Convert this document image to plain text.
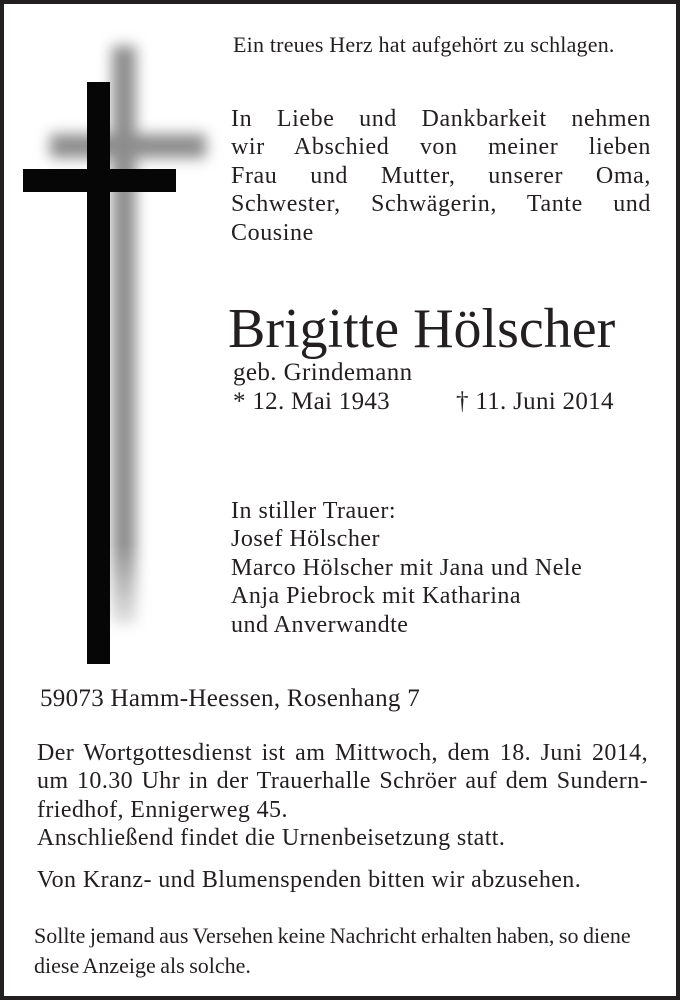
Ein treues Herz hat aufgehört zu schlagen.
In Liebe und Dankbarkeit nehmen
wir Abschied von meiner lieben
Frau und Mutter, unserer Oma,
Schwester, Schwägerin, Tante und
Cousine
Brigitte Hölscher
geb. Grindemann
* 12. Mai 1943	† 11. Juni 2014
In stiller Trauer:
Josef Hölscher
Marco Hölscher mit Jana und Nele
Anja Piebrock mit Katharina
und Anverwandte
59073 Hamm-Heessen, Rosenhang 7
Der Wortgottesdienst ist am Mittwoch, dem 18. Juni 2014,
um 10.30 Uhr in der Trauerhalle Schröer auf dem Sundern-
friedhof, Ennigerweg 45.
Anschließend findet die Urnenbeisetzung statt.
Von Kranz- und Blumenspenden bitten wir abzusehen.
Sollte jemand aus Versehen keine Nachricht erhalten haben, so diene
diese Anzeige als solche.
